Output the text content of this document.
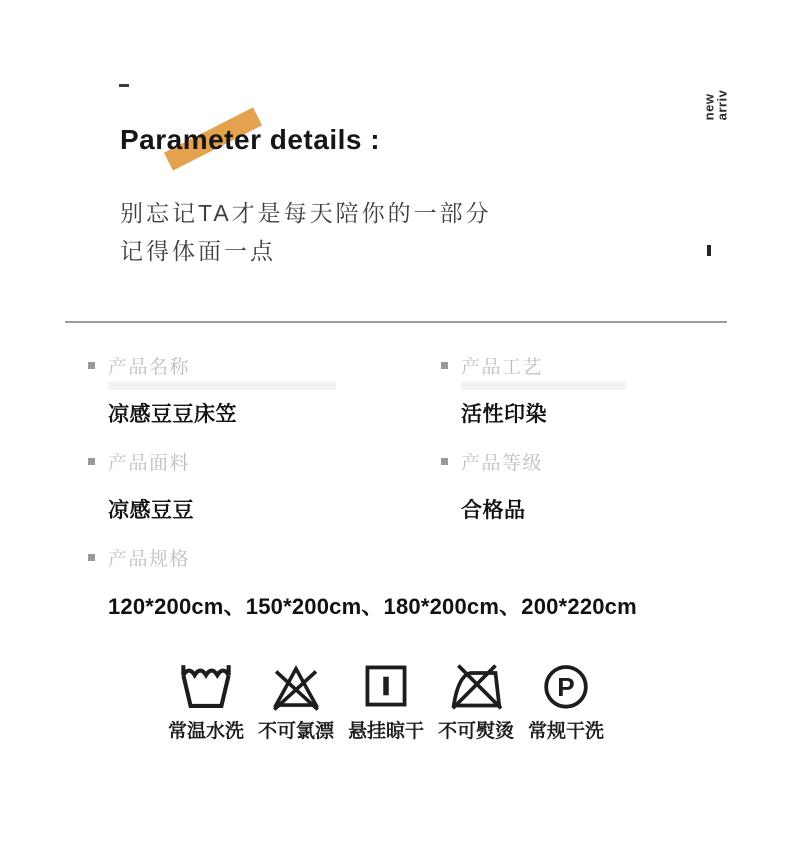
new
arriv
Parameter details :
别忘记TA才是每天陪你的一部分
记得体面一点
产品名称
凉感豆豆床笠
产品工艺
活性印染
产品面料
凉感豆豆
产品等级
合格品
产品规格
120*200cm、150*200cm、180*200cm、200*220cm
常温水洗 不可氯漂 悬挂晾干 不可熨烫
P
常规干洗
